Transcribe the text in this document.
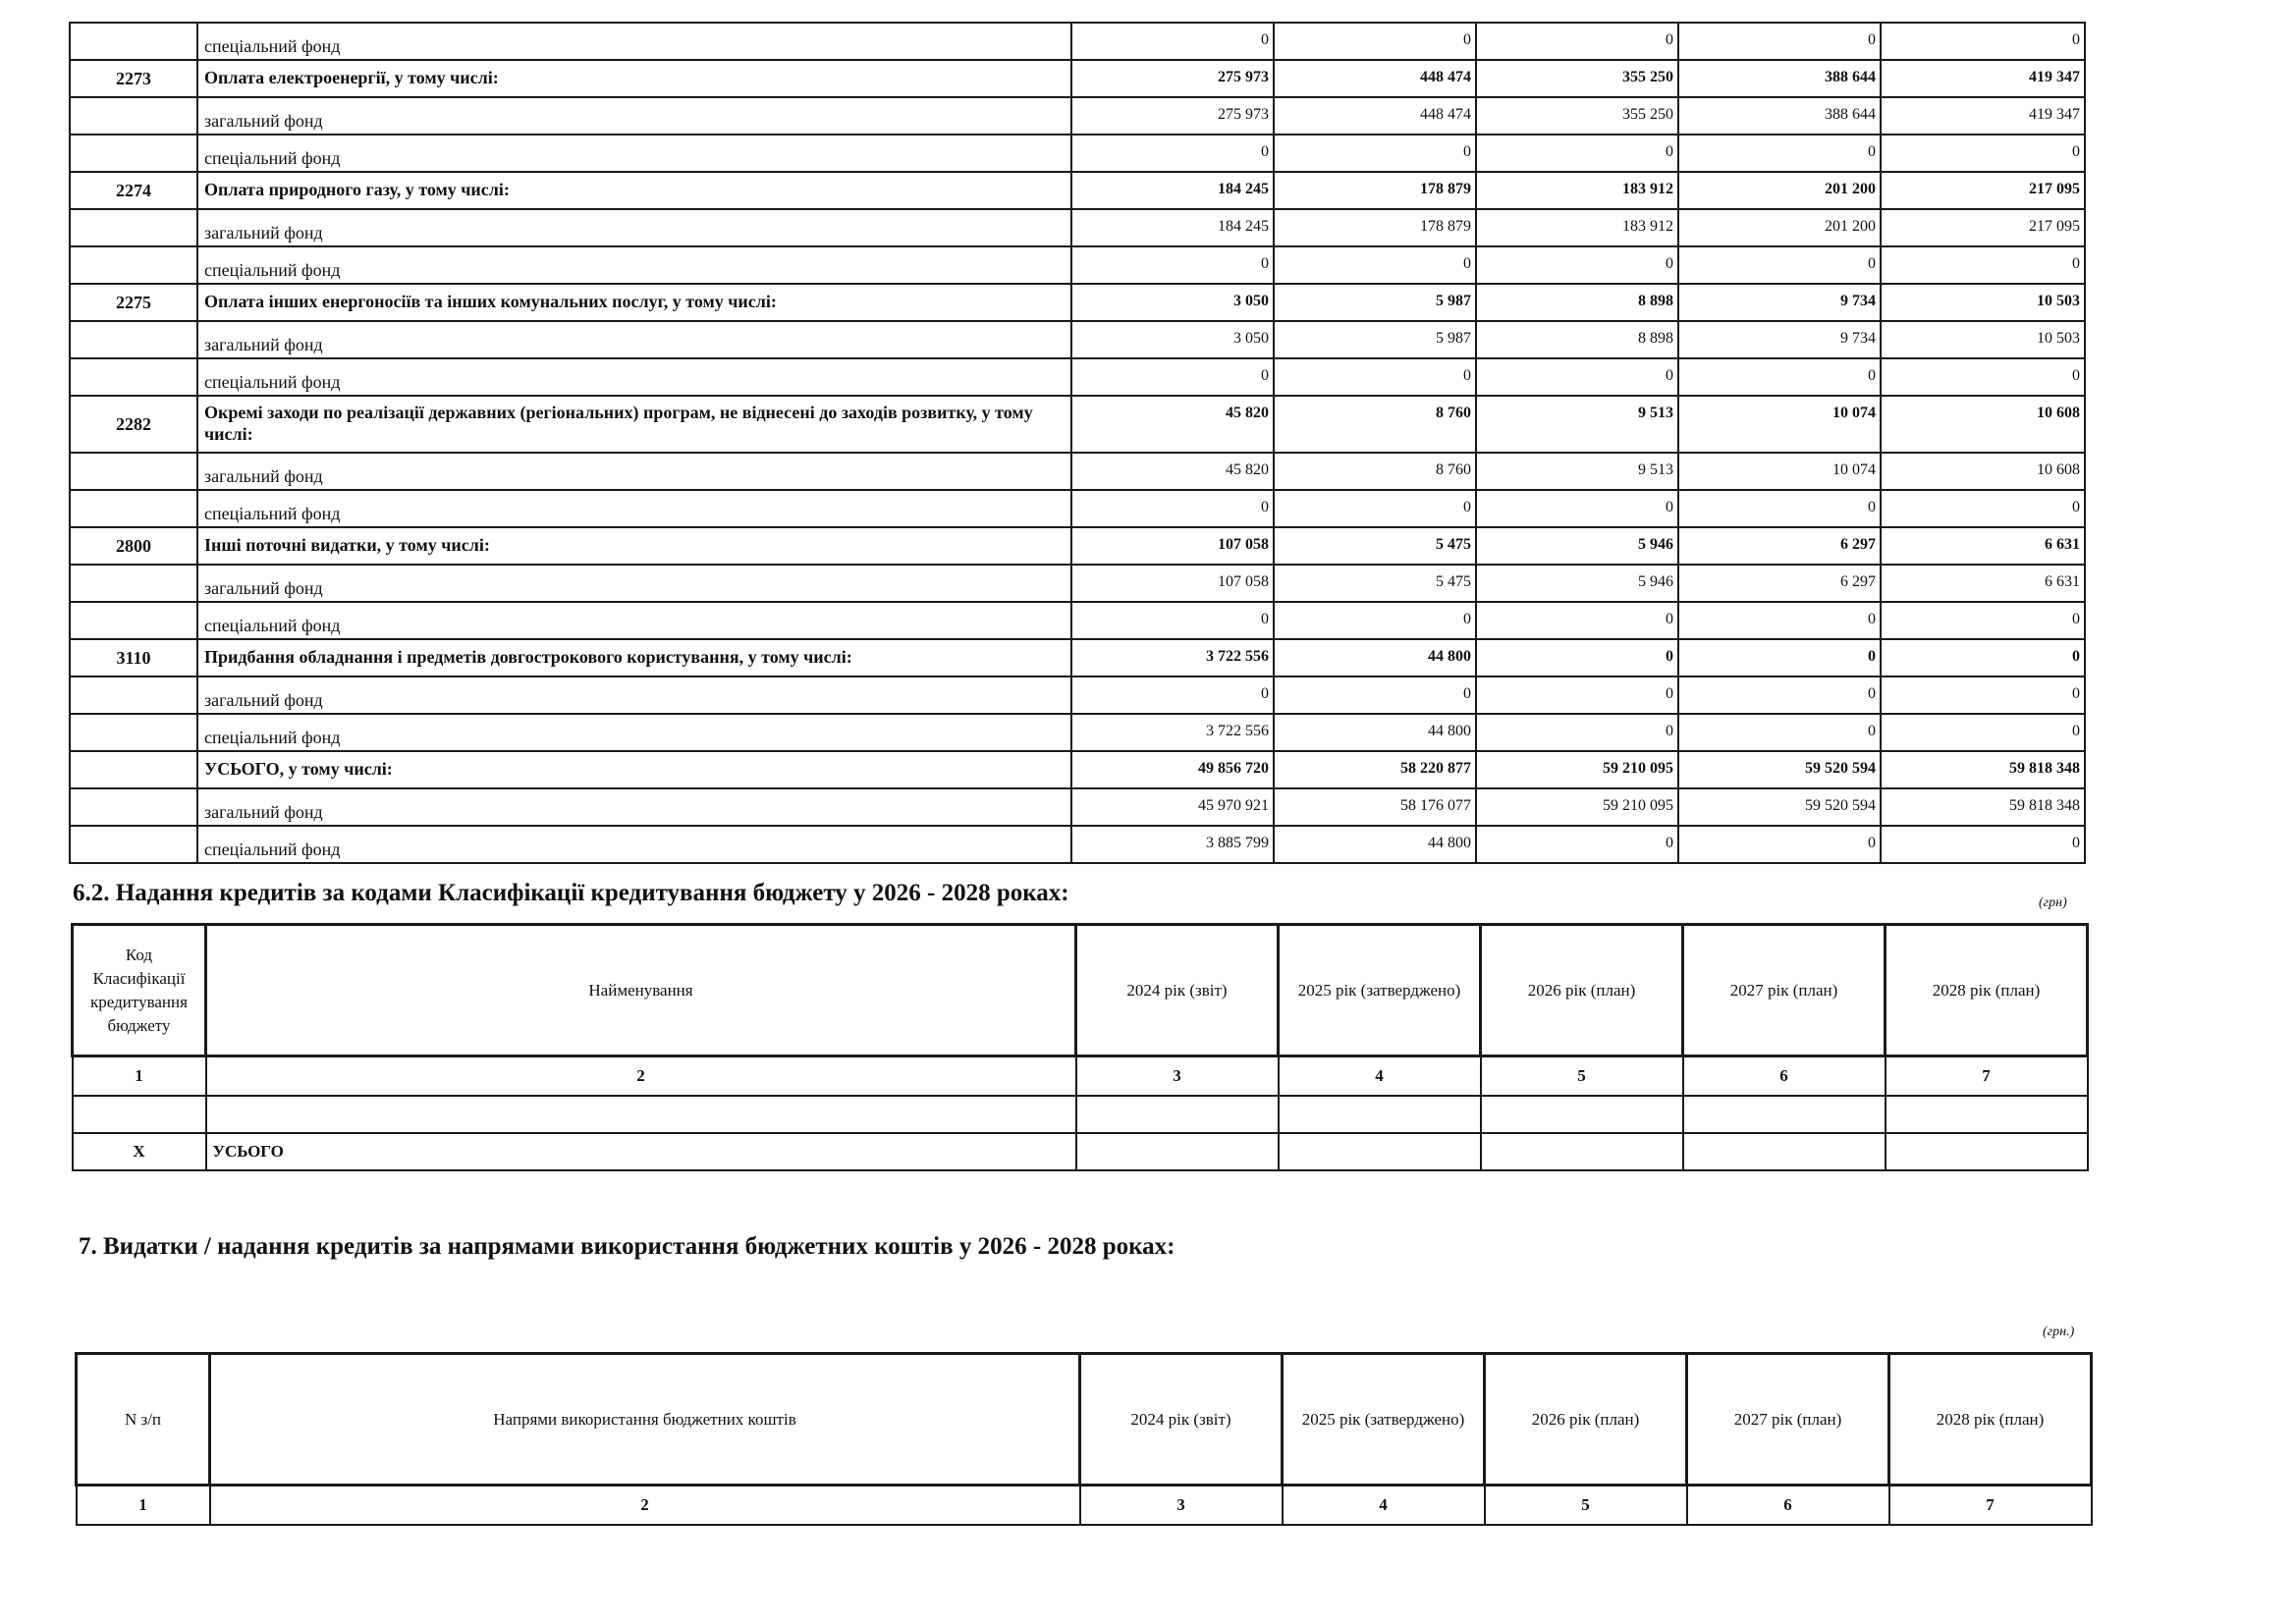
	спеціальний фонд	0	0	0	0	0
2273	Оплата електроенергії, у тому числі:	275 973	448 474	355 250	388 644	419 347
	загальний фонд	275 973	448 474	355 250	388 644	419 347
	спеціальний фонд	0	0	0	0	0
2274	Оплата природного газу, у тому числі:	184 245	178 879	183 912	201 200	217 095
	загальний фонд	184 245	178 879	183 912	201 200	217 095
	спеціальний фонд	0	0	0	0	0
2275	Оплата інших енергоносіїв та інших комунальних послуг, у тому числі:	3 050	5 987	8 898	9 734	10 503
	загальний фонд	3 050	5 987	8 898	9 734	10 503
	спеціальний фонд	0	0	0	0	0
2282	Окремі заходи по реалізації державних (регіональних) програм, не віднесені до заходів розвитку, у тому числі:	45 820	8 760	9 513	10 074	10 608
	загальний фонд	45 820	8 760	9 513	10 074	10 608
	спеціальний фонд	0	0	0	0	0
2800	Інші поточні видатки, у тому числі:	107 058	5 475	5 946	6 297	6 631
	загальний фонд	107 058	5 475	5 946	6 297	6 631
	спеціальний фонд	0	0	0	0	0
3110	Придбання обладнання і предметів довгострокового користування, у тому числі:	3 722 556	44 800	0	0	0
	загальний фонд	0	0	0	0	0
	спеціальний фонд	3 722 556	44 800	0	0	0
	УСЬОГО, у тому числі:	49 856 720	58 220 877	59 210 095	59 520 594	59 818 348
	загальний фонд	45 970 921	58 176 077	59 210 095	59 520 594	59 818 348
	спеціальний фонд	3 885 799	44 800	0	0	0
6.2. Надання кредитів за кодами Класифікації кредитування бюджету у 2026 - 2028 роках:	(грн)
Код Класифікації кредитування бюджету	Найменування	2024 рік (звіт)	2025 рік (затверджено)	2026 рік (план)	2027 рік (план)	2028 рік (план)
1	2	3	4	5	6	7

Х	УСЬОГО					
7. Видатки / надання кредитів за напрямами використання бюджетних коштів у 2026 - 2028 роках:
(грн.)
N з/п	Напрями використання бюджетних коштів	2024 рік (звіт)	2025 рік (затверджено)	2026 рік (план)	2027 рік (план)	2028 рік (план)
1	2	3	4	5	6	7
